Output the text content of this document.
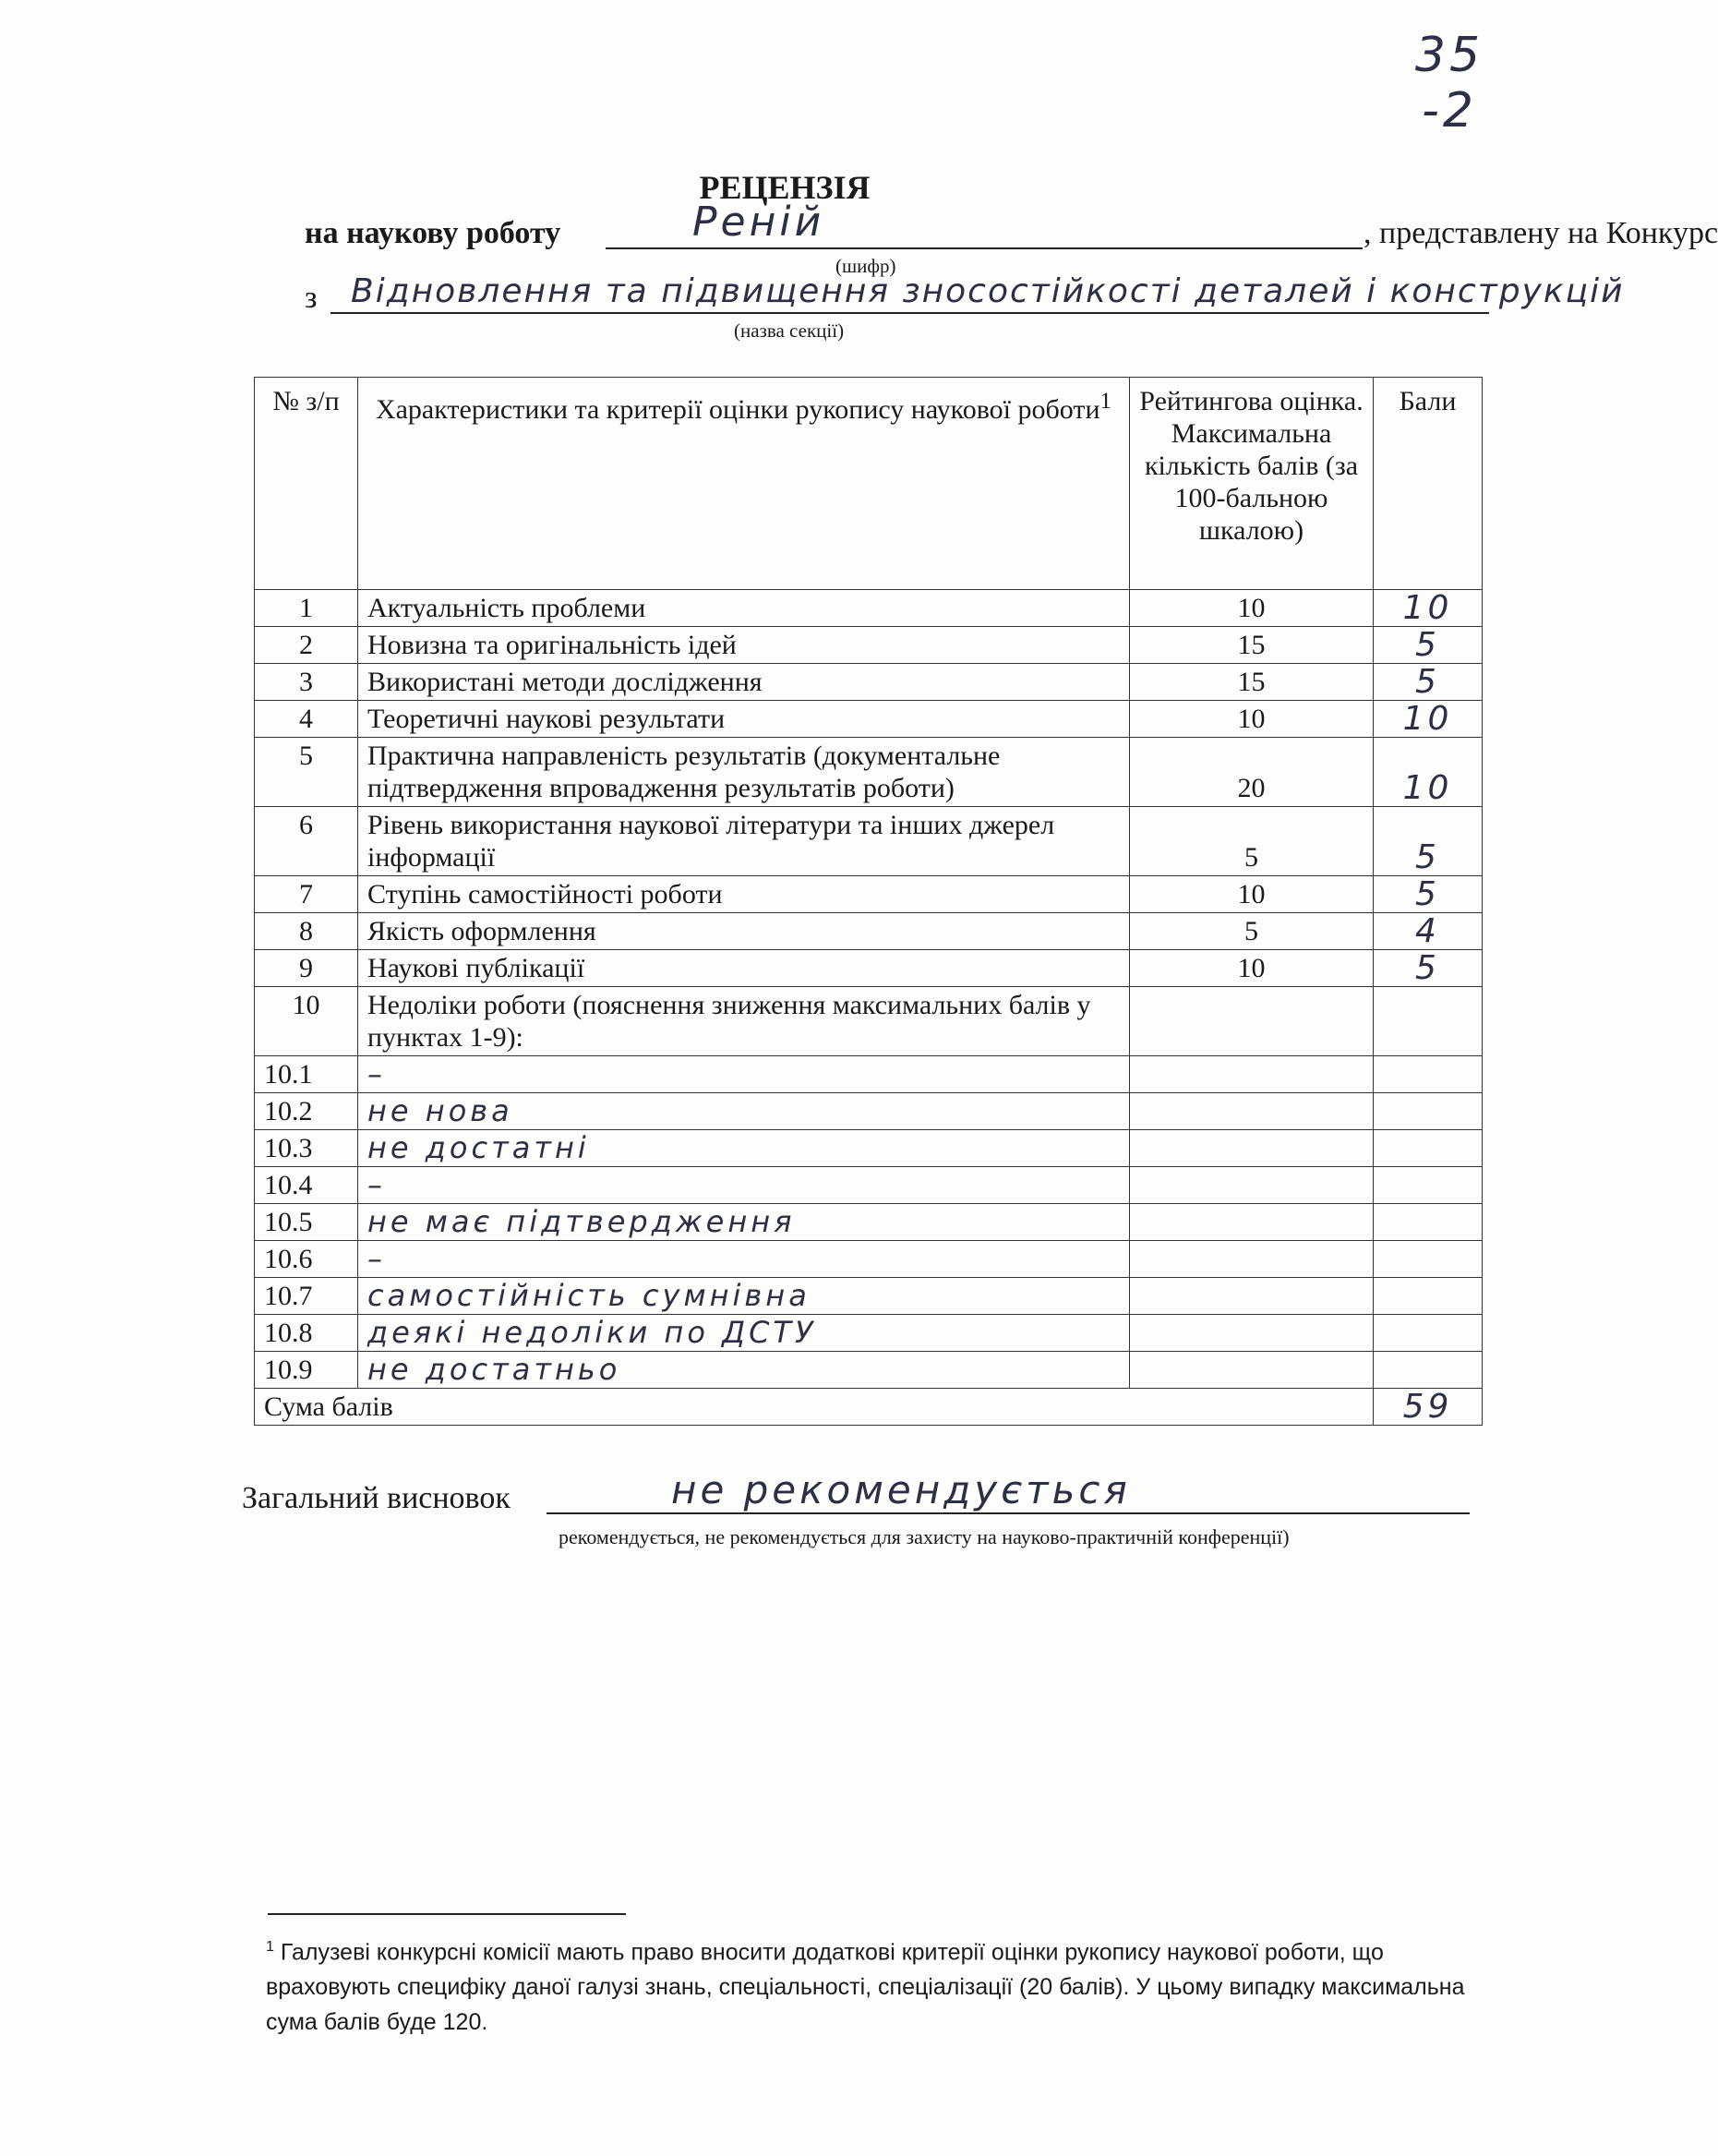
35
-2
РЕЦЕНЗІЯ
на наукову роботу	Реній	, представлену на Конкурс
(шифр)
з Відновлення та підвищення зносостійкості деталей і конструкцій
(назва секції)
№ з/п	Характеристики та критерії оцінки рукопису наукової роботи$^1$	Рейтингова оцінка. Максимальна кількість балів (за 100-бальною шкалою)	Бали
1	Актуальність проблеми	10	10
2	Новизна та оригінальність ідей	15	5
3	Використані методи дослідження	15	5
4	Теоретичні наукові результати	10	10
5	Практична направленість результатів (документальне підтвердження впровадження результатів роботи)	20	10
6	Рівень використання наукової літератури та інших джерел інформації	5	5
7	Ступінь самостійності роботи	10	5
8	Якість оформлення	5	4
9	Наукові публікації	10	5
10	Недоліки роботи (пояснення зниження максимальних балів у пунктах 1-9):		
10.1	–		
10.2	не нова		
10.3	не достатні		
10.4	–		
10.5	не має підтвердження		
10.6	–		
10.7	самостійність сумнівна		
10.8	деякі недоліки по ДСТУ		
10.9	не достатньо		
Сума балів			59
Загальний висновок	не рекомендується
рекомендується, не рекомендується для захисту на науково-практичній конференції)
$^1$ Галузеві конкурсні комісії мають право вносити додаткові критерії оцінки рукопису наукової роботи, що враховують специфіку даної галузі знань, спеціальності, спеціалізації (20 балів). У цьому випадку максимальна сума балів буде 120.
